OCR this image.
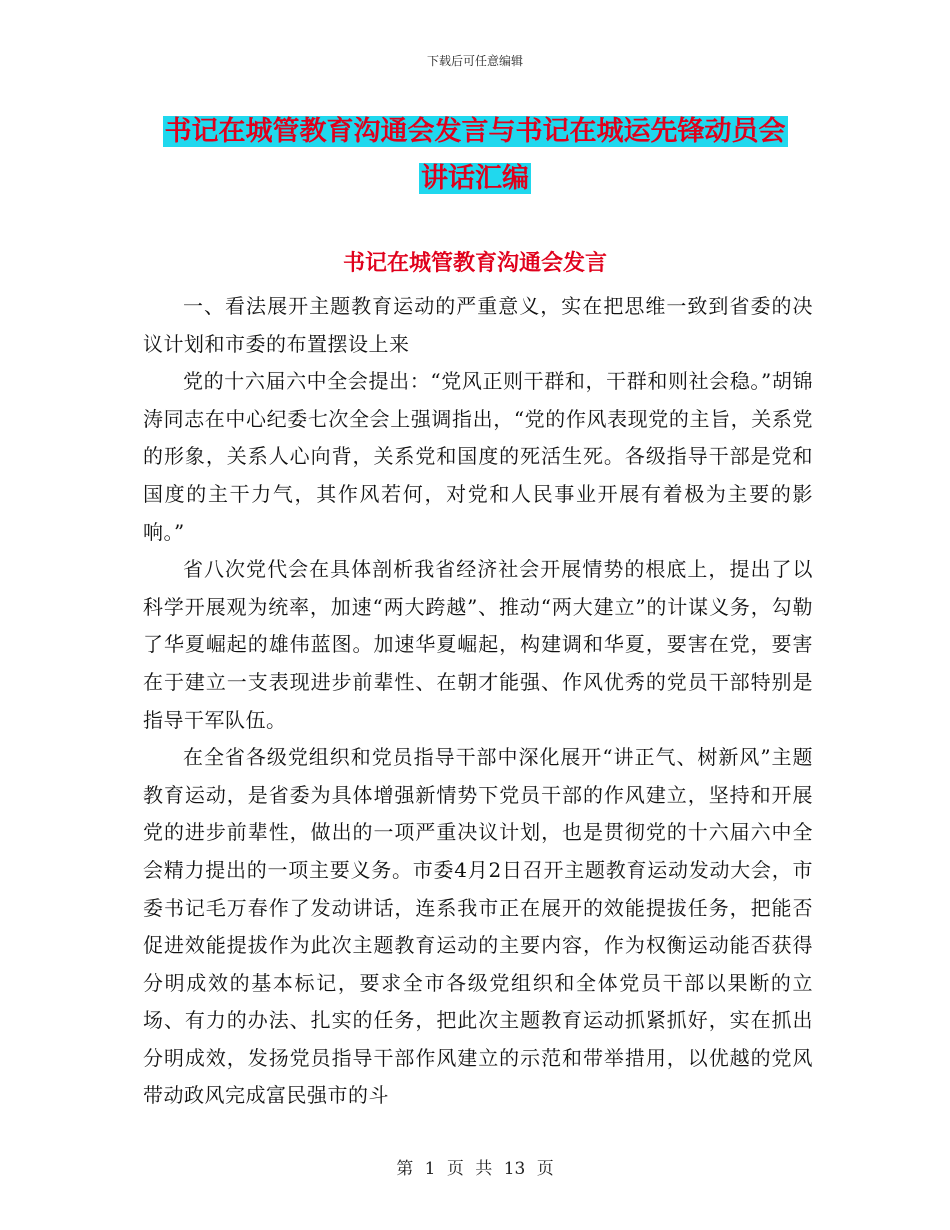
下载后可任意编辑
书记在城管教育沟通会发言与书记在城运先锋动员会
讲话汇编
书记在城管教育沟通会发言

一、看法展开主题教育运动的严重意义，实在把思维一致到省委的决议计划和市委的布置摆设上来

党的十六届六中全会提出：“党风正则干群和，干群和则社会稳。”胡锦涛同志在中心纪委七次全会上强调指出，“党的作风表现党的主旨，关系党的形象，关系人心向背，关系党和国度的死活生死。各级指导干部是党和国度的主干力气，其作风若何，对党和人民事业开展有着极为主要的影响。”

省八次党代会在具体剖析我省经济社会开展情势的根底上，提出了以科学开展观为统率，加速“两大跨越”、推动“两大建立”的计谋义务，勾勒了华夏崛起的雄伟蓝图。加速华夏崛起，构建调和华夏，要害在党，要害在于建立一支表现进步前辈性、在朝才能强、作风优秀的党员干部特别是指导干军队伍。

在全省各级党组织和党员指导干部中深化展开“讲正气、树新风”主题教育运动，是省委为具体增强新情势下党员干部的作风建立，坚持和开展党的进步前辈性，做出的一项严重决议计划，也是贯彻党的十六届六中全会精力提出的一项主要义务。市委4月2日召开主题教育运动发动大会，市委书记毛万春作了发动讲话，连系我市正在展开的效能提拔任务，把能否促进效能提拔作为此次主题教育运动的主要内容，作为权衡运动能否获得分明成效的基本标记，要求全市各级党组织和全体党员干部以果断的立场、有力的办法、扎实的任务，把此次主题教育运动抓紧抓好，实在抓出分明成效，发扬党员指导干部作风建立的示范和带举措用，以优越的党风带动政风完成富民强市的斗

第 1 页 共 13 页
